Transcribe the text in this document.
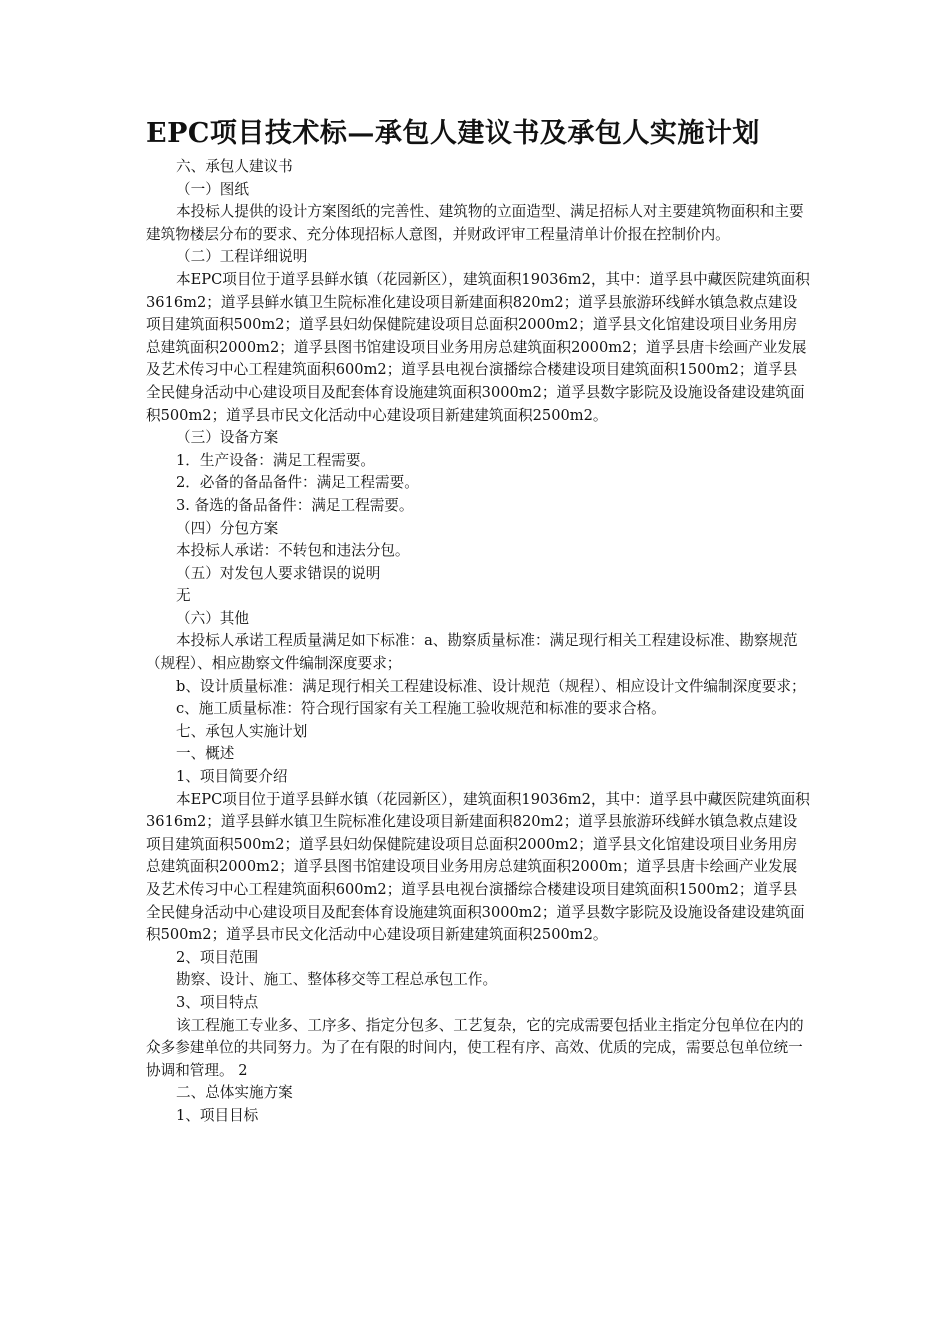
EPC项目技术标—承包人建议书及承包人实施计划

六、承包人建议书

（一）图纸

本投标人提供的设计方案图纸的完善性、建筑物的立面造型、满足招标人对主要建筑物面积和主要建筑物楼层分布的要求、充分体现招标人意图，并财政评审工程量清单计价报在控制价内。

（二）工程详细说明

本EPC项目位于道孚县鲜水镇（花园新区），建筑面积19036m2，其中：道孚县中藏医院建筑面积3616m2；道孚县鲜水镇卫生院标准化建设项目新建面积820m2；道孚县旅游环线鲜水镇急救点建设项目建筑面积500m2；道孚县妇幼保健院建设项目总面积2000m2；道孚县文化馆建设项目业务用房总建筑面积2000m2；道孚县图书馆建设项目业务用房总建筑面积2000m2；道孚县唐卡绘画产业发展及艺术传习中心工程建筑面积600m2；道孚县电视台演播综合楼建设项目建筑面积1500m2；道孚县全民健身活动中心建设项目及配套体育设施建筑面积3000m2；道孚县数字影院及设施设备建设建筑面积500m2；道孚县市民文化活动中心建设项目新建建筑面积2500m2。

（三）设备方案

1．生产设备：满足工程需要。

2．必备的备品备件：满足工程需要。

3. 备选的备品备件：满足工程需要。

（四）分包方案

本投标人承诺：不转包和违法分包。

（五）对发包人要求错误的说明

无

（六）其他

本投标人承诺工程质量满足如下标准：a、勘察质量标准：满足现行相关工程建设标准、勘察规范（规程）、相应勘察文件编制深度要求；

b、设计质量标准：满足现行相关工程建设标准、设计规范（规程）、相应设计文件编制深度要求；

c、施工质量标准：符合现行国家有关工程施工验收规范和标准的要求合格。

七、承包人实施计划

一、概述

1、项目简要介绍

本EPC项目位于道孚县鲜水镇（花园新区），建筑面积19036m2，其中：道孚县中藏医院建筑面积3616m2；道孚县鲜水镇卫生院标准化建设项目新建面积820m2；道孚县旅游环线鲜水镇急救点建设项目建筑面积500m2；道孚县妇幼保健院建设项目总面积2000m2；道孚县文化馆建设项目业务用房总建筑面积2000m2；道孚县图书馆建设项目业务用房总建筑面积2000m；道孚县唐卡绘画产业发展及艺术传习中心工程建筑面积600m2；道孚县电视台演播综合楼建设项目建筑面积1500m2；道孚县全民健身活动中心建设项目及配套体育设施建筑面积3000m2；道孚县数字影院及设施设备建设建筑面积500m2；道孚县市民文化活动中心建设项目新建建筑面积2500m2。

2、项目范围

勘察、设计、施工、整体移交等工程总承包工作。

3、项目特点

该工程施工专业多、工序多、指定分包多、工艺复杂，它的完成需要包括业主指定分包单位在内的众多参建单位的共同努力。为了在有限的时间内，使工程有序、高效、优质的完成，需要总包单位统一协调和管理。 2

二、总体实施方案

1、项目目标
